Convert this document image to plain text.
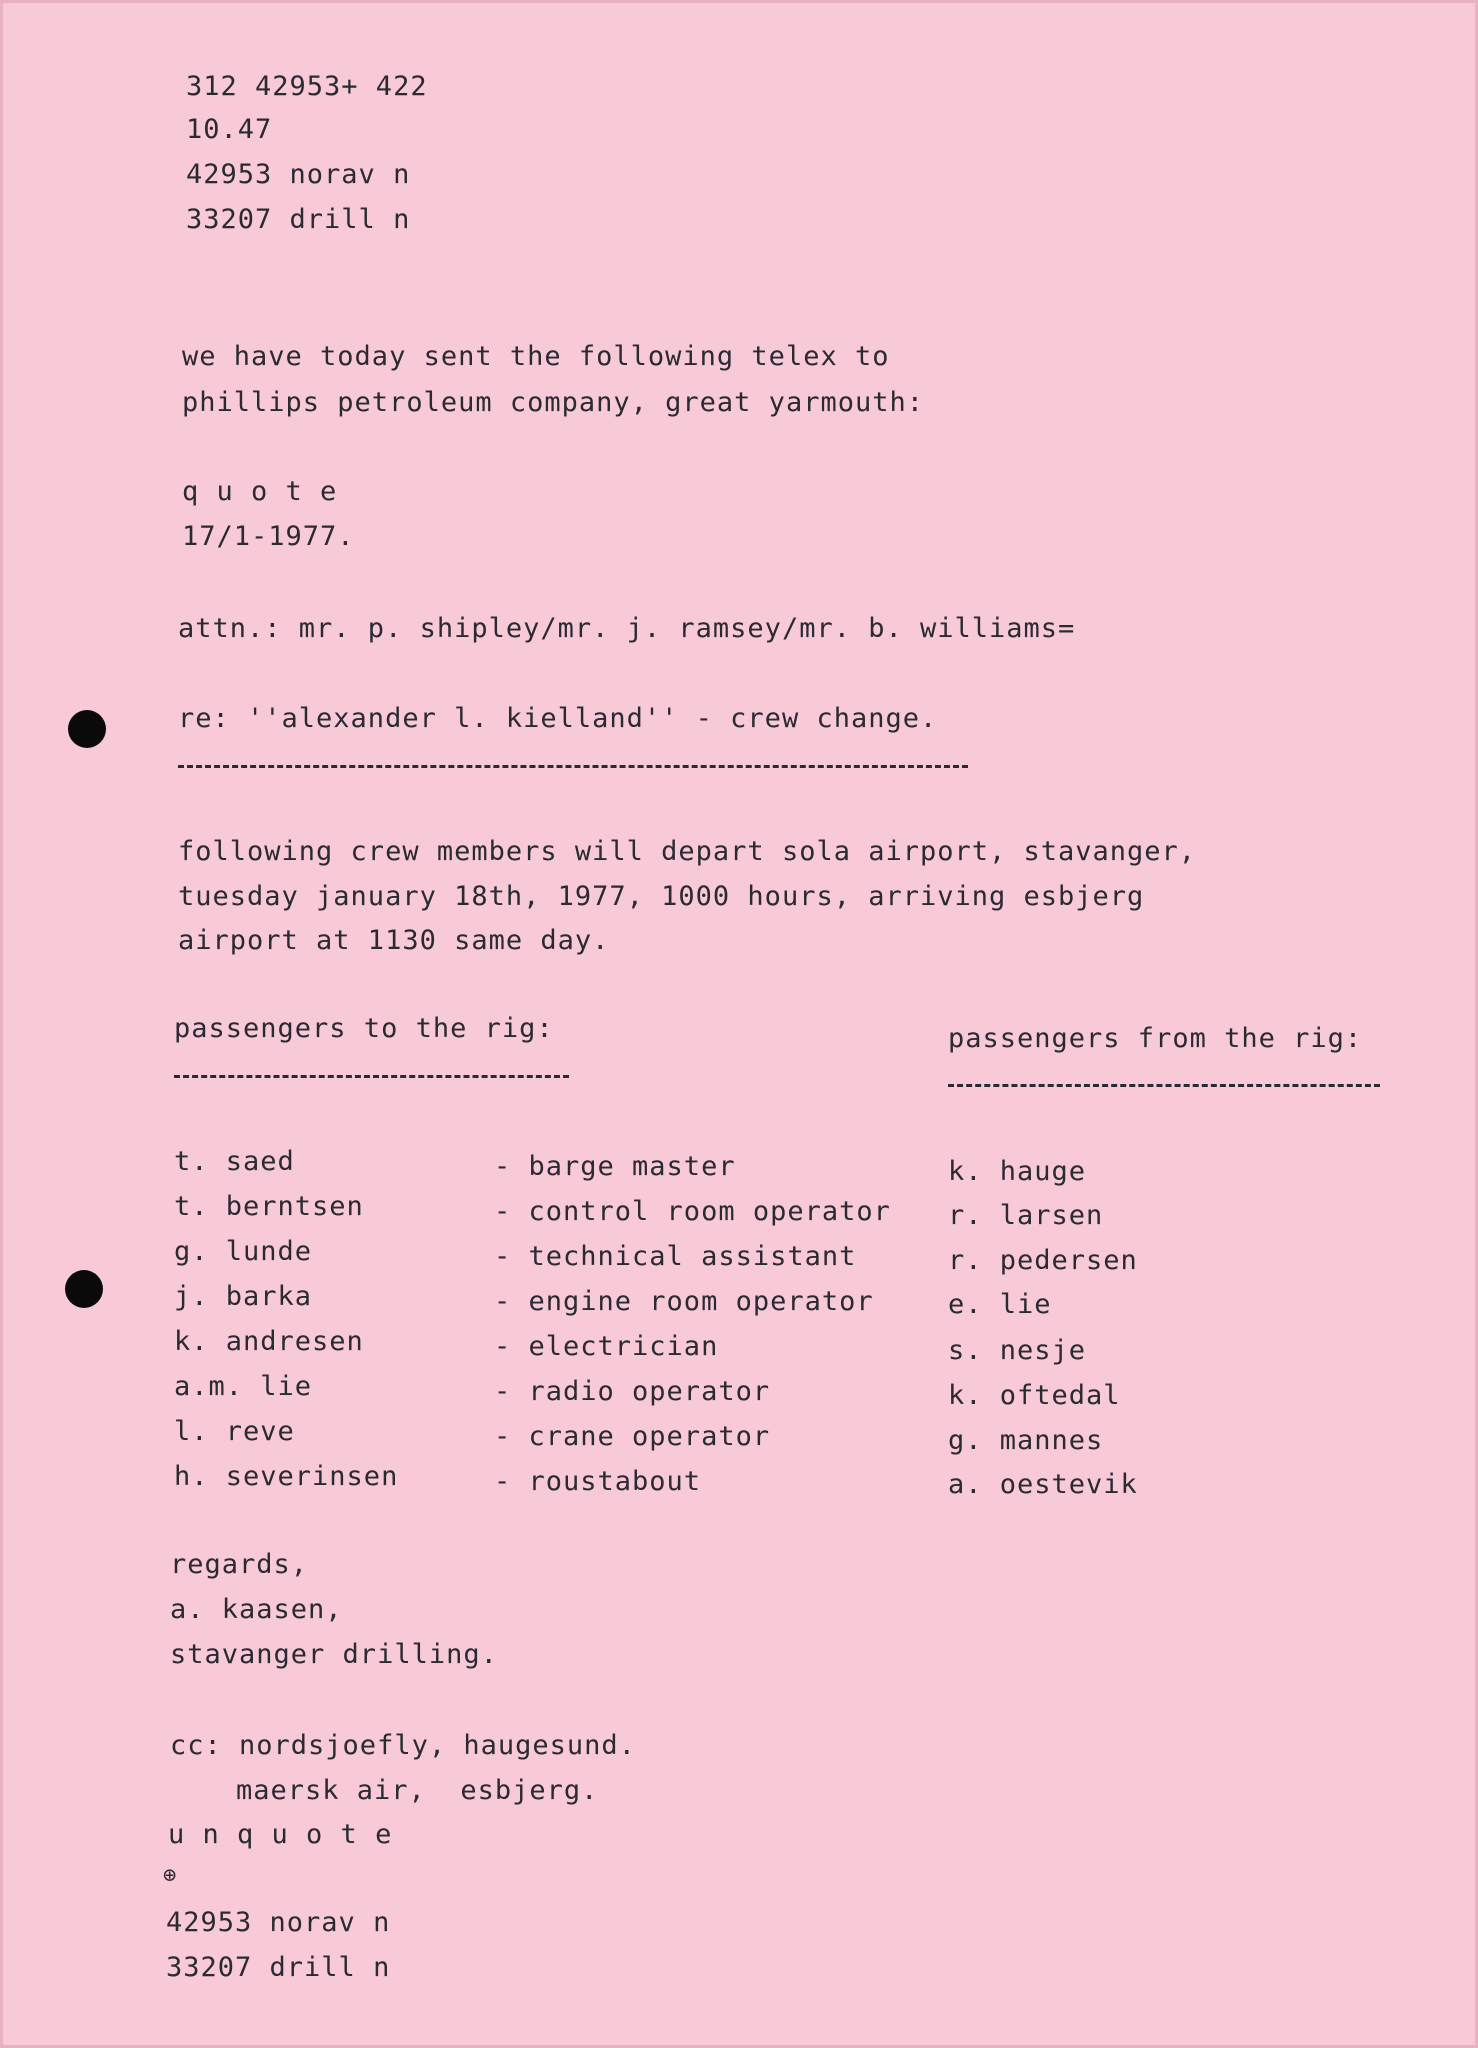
312 42953+ 422
10.47
42953 norav n
33207 drill n
we have today sent the following telex to
phillips petroleum company, great yarmouth:
q u o t e
17/1-1977.
attn.: mr. p. shipley/mr. j. ramsey/mr. b. williams=
re: ''alexander l. kielland'' - crew change.
following crew members will depart sola airport, stavanger,
tuesday january 18th, 1977, 1000 hours, arriving esbjerg
airport at 1130 same day.
passengers to the rig:	passengers from the rig:
t. saed
t. berntsen
g. lunde
j. barka
k. andresen
a.m. lie
l. reve
h. severinsen
- barge master
- control room operator
- technical assistant
- engine room operator
- electrician
- radio operator
- crane operator
- roustabout
k. hauge
r. larsen
r. pedersen
e. lie
s. nesje
k. oftedal
g. mannes
a. oestevik
regards,
a. kaasen,
stavanger drilling.
cc: nordsjoefly, haugesund.
maersk air,  esbjerg.
u n q u o t e
⊕
42953 norav n
33207 drill n
